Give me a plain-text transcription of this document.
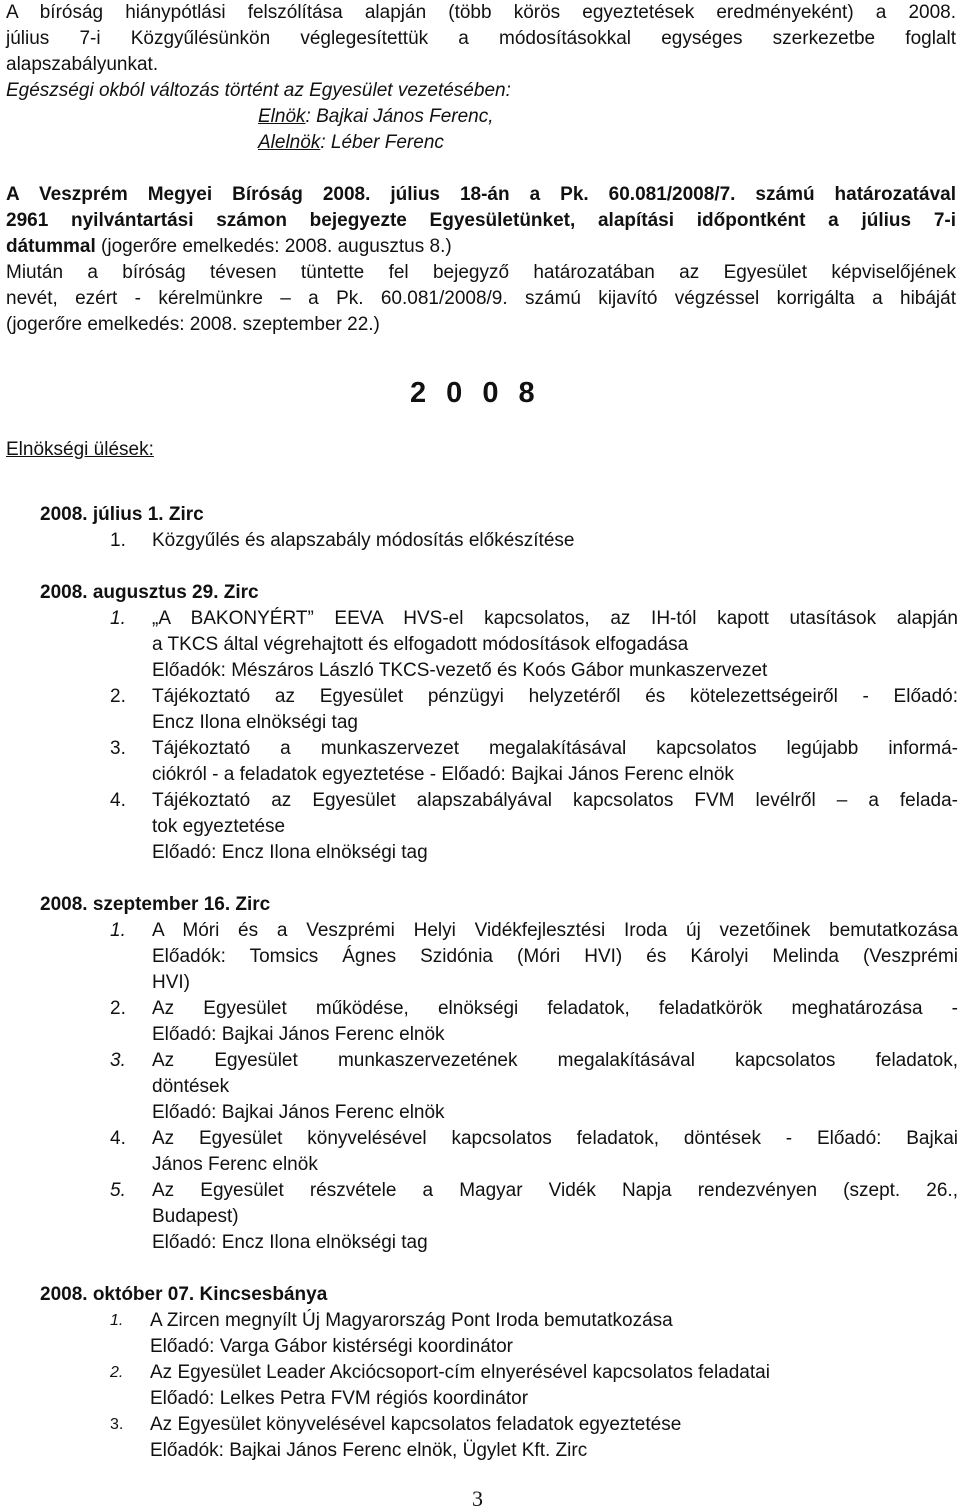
A bíróság hiánypótlási felszólítása alapján (több körös egyeztetések eredményeként) a 2008.
július 7-i Közgyűlésünkön véglegesítettük a módosításokkal egységes szerkezetbe foglalt
alapszabályunkat.
Egészségi okból változás történt az Egyesület vezetésében:
Elnök: Bajkai János Ferenc,
Alelnök: Léber Ferenc
A Veszprém Megyei Bíróság 2008. július 18-án a Pk. 60.081/2008/7. számú határozatával
2961 nyilvántartási számon bejegyezte Egyesületünket, alapítási időpontként a július 7-i
dátummal (jogerőre emelkedés: 2008. augusztus 8.)
Miután a bíróság tévesen tüntette fel bejegyző határozatában az Egyesület képviselőjének
nevét, ezért - kérelmünkre – a Pk. 60.081/2008/9. számú kijavító végzéssel korrigálta a hibáját
(jogerőre emelkedés: 2008. szeptember 22.)
2 0 0 8
Elnökségi ülések:
2008. július 1. Zirc
1.	Közgyűlés és alapszabály módosítás előkészítése
2008. augusztus 29. Zirc
1.	„A BAKONYÉRT” EEVA HVS-el kapcsolatos, az IH-tól kapott utasítások alapján
a TKCS által végrehajtott és elfogadott módosítások elfogadása
Előadók: Mészáros László TKCS-vezető és Koós Gábor munkaszervezet
2.	Tájékoztató az Egyesület pénzügyi helyzetéről és kötelezettségeiről - Előadó:
Encz Ilona elnökségi tag
3.	Tájékoztató a munkaszervezet megalakításával kapcsolatos legújabb informá-
ciókról - a feladatok egyeztetése - Előadó: Bajkai János Ferenc elnök
4.	Tájékoztató az Egyesület alapszabályával kapcsolatos FVM levélről – a felada-
tok egyeztetése
Előadó: Encz Ilona elnökségi tag
2008. szeptember 16. Zirc
1.	A Móri és a Veszprémi Helyi Vidékfejlesztési Iroda új vezetőinek bemutatkozása
Előadók: Tomsics Ágnes Szidónia (Móri HVI) és Károlyi Melinda (Veszprémi
HVI)
2.	Az Egyesület működése, elnökségi feladatok, feladatkörök meghatározása -
Előadó: Bajkai János Ferenc elnök
3.	Az Egyesület munkaszervezetének megalakításával kapcsolatos feladatok,
döntések
Előadó: Bajkai János Ferenc elnök
4.	Az Egyesület könyvelésével kapcsolatos feladatok, döntések - Előadó: Bajkai
János Ferenc elnök
5.	Az Egyesület részvétele a Magyar Vidék Napja rendezvényen (szept. 26.,
Budapest)
Előadó: Encz Ilona elnökségi tag
2008. október 07. Kincsesbánya
1.	A Zircen megnyílt Új Magyarország Pont Iroda bemutatkozása
Előadó: Varga Gábor kistérségi koordinátor
2.	Az Egyesület Leader Akciócsoport-cím elnyerésével kapcsolatos feladatai
Előadó: Lelkes Petra FVM régiós koordinátor
3.	Az Egyesület könyvelésével kapcsolatos feladatok egyeztetése
Előadók: Bajkai János Ferenc elnök, Ügylet Kft. Zirc
3
